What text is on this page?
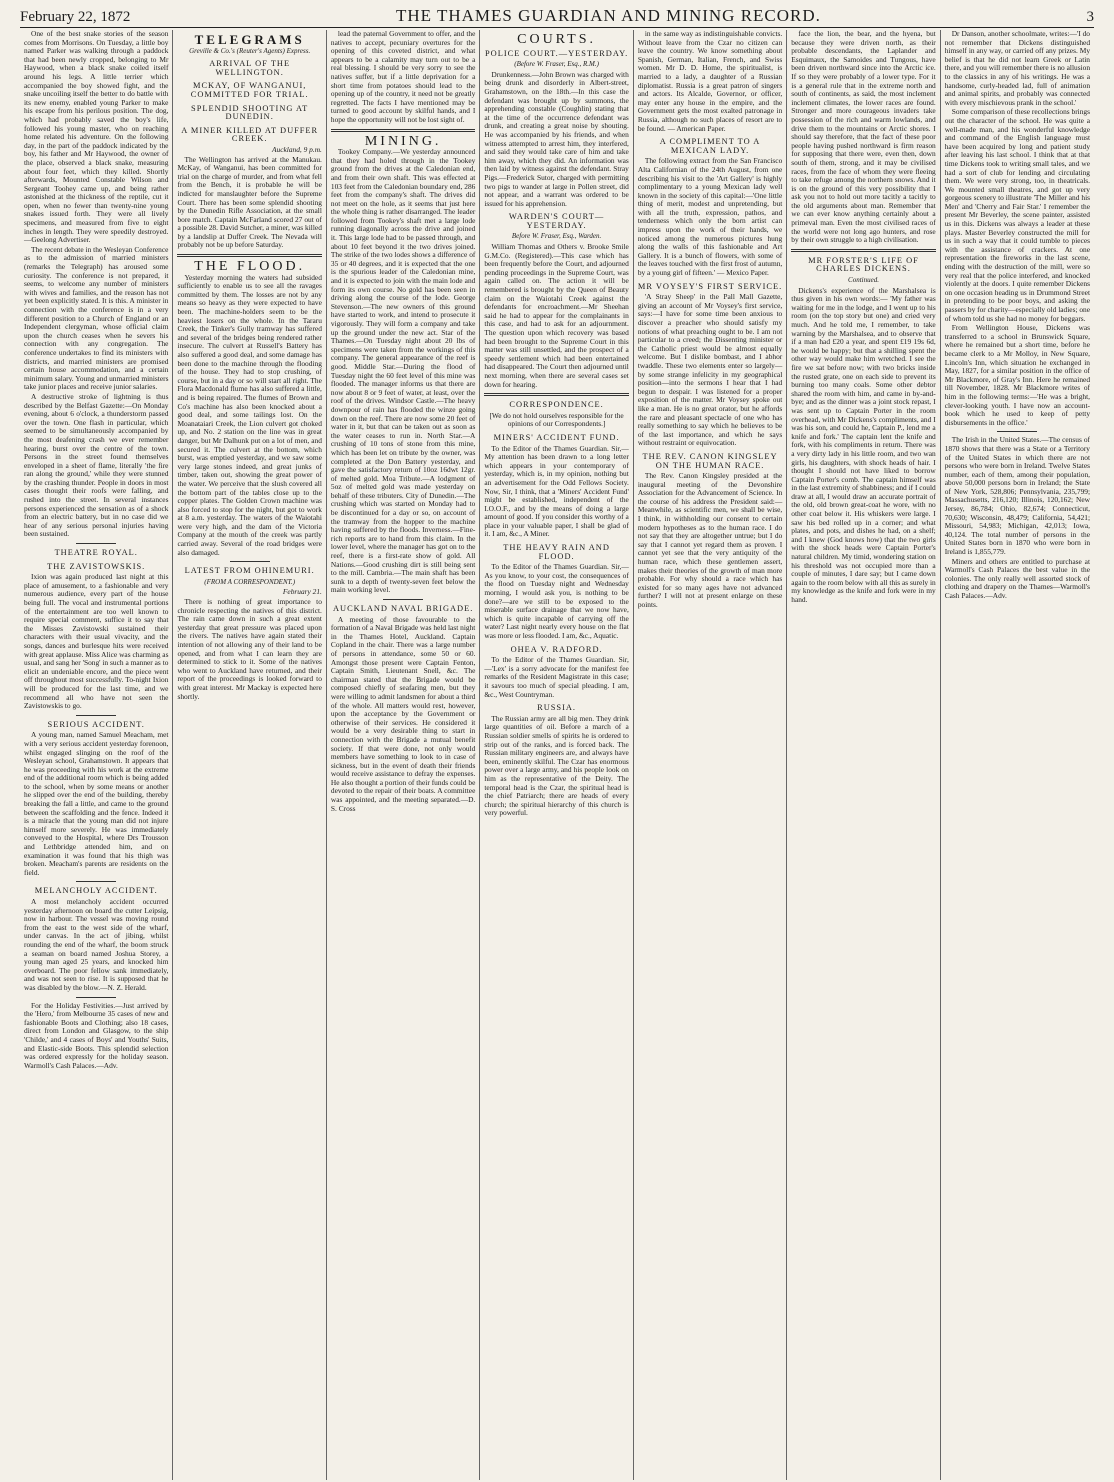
February 22, 1872	THE THAMES GUARDIAN AND MINING RECORD.	3

One of the best snake stories of the season comes from Morrisons. On Tuesday, a little boy named Parker was walking through a paddock that had been newly cropped, belonging to Mr Haywood, when a black snake coiled itself around his legs. A little terrier which accompanied the boy showed fight, and the snake uncoiling itself the better to do battle with its new enemy, enabled young Parker to make his escape from his perilous position. The dog, which had probably saved the boy's life, followed his young master, who on reaching home related his adventure. On the following day, in the part of the paddock indicated by the boy, his father and Mr Haywood, the owner of the place, observed a black snake, measuring about four feet, which they killed. Shortly afterwards, Mounted Constable Wilson and Sergeant Toohey came up, and being rather astonished at the thickness of the reptile, cut it open, when no fewer than twenty-nine young snakes issued forth. They were all lively specimens, and measured from five to eight inches in length. They were speedily destroyed.—Geelong Advertiser.

The recent debate in the Wesleyan Conference as to the admission of married ministers (remarks the Telegraph) has aroused some curiosity. The conference is not prepared, it seems, to welcome any number of ministers with wives and families, and the reason has not yet been explicitly stated. It is this. A minister in connection with the conference is in a very different position to a Church of England or an Independent clergyman, whose official claim upon the church ceases when he severs his connection with any congregation. The conference undertakes to find its ministers with districts, and married ministers are promised certain house accommodation, and a certain minimum salary. Young and unmarried ministers take junior places and receive junior salaries.

A destructive stroke of lightning is thus described by the Belfast Gazette:—On Monday evening, about 6 o'clock, a thunderstorm passed over the town. One flash in particular, which seemed to be simultaneously accompanied by the most deafening crash we ever remember hearing, burst over the centre of the town. Persons in the street found themselves enveloped in a sheet of flame, literally 'the fire ran along the ground,' while they were stunned by the crashing thunder. People in doors in most cases thought their roofs were falling, and rushed into the street. In several instances persons experienced the sensation as of a shock from an electric battery, but in no case did we hear of any serious personal injuries having been sustained.

THEATRE ROYAL.
THE ZAVISTOWSKIS.

Ixion was again produced last night at this place of amusement, to a fashionable and very numerous audience, every part of the house being full. The vocal and instrumental portions of the entertainment are too well known to require special comment, suffice it to say that the Misses Zavistowski sustained their characters with their usual vivacity, and the songs, dances and burlesque hits were received with great applause. Miss Alice was charming as usual, and sang her 'Song' in such a manner as to elicit an undeniable encore, and the piece went off throughout most successfully. To-night Ixion will be produced for the last time, and we recommend all who have not seen the Zavistowskis to go.

SERIOUS ACCIDENT.

A young man, named Samuel Meacham, met with a very serious accident yesterday forenoon, whilst engaged slinging on the roof of the Wesleyan school, Grahamstown. It appears that he was proceeding with his work at the extreme end of the additional room which is being added to the school, when by some means or another he slipped over the end of the building, thereby breaking the fall a little, and came to the ground between the scaffolding and the fence. Indeed it is a miracle that the young man did not injure himself more severely. He was immediately conveyed to the Hospital, where Drs Trousson and Lethbridge attended him, and on examination it was found that his thigh was broken. Meacham's parents are residents on the field.

MELANCHOLY ACCIDENT.

A most melancholy accident occurred yesterday afternoon on board the cutter Leipsig, now in harbour. The vessel was moving round from the east to the west side of the wharf, under canvas. In the act of jibing, whilst rounding the end of the wharf, the boom struck a seaman on board named Joshua Storey, a young man aged 25 years, and knocked him overboard. The poor fellow sank immediately, and was not seen to rise. It is supposed that he was disabled by the blow.—N. Z. Herald.

For the Holiday Festivities.—Just arrived by the 'Hero,' from Melbourne 35 cases of new and fashionable Boots and Clothing; also 18 cases, direct from London and Glasgow, to the ship 'Childe,' and 4 cases of Boys' and Youths' Suits, and Elastic-side Boots. This splendid selection was ordered expressly for the holiday season. Warmoll's Cash Palaces.—Adv.

TELEGRAMS
Greville & Co.'s (Reuter's Agents) Express.
ARRIVAL OF THE WELLINGTON.
MCKAY, OF WANGANUI, COMMITTED FOR TRIAL.
SPLENDID SHOOTING AT DUNEDIN.
A MINER KILLED AT DUFFER CREEK.

Auckland, 9 p.m.

The Wellington has arrived at the Manukau. McKay, of Wanganui, has been committed for trial on the charge of murder, and from what fell from the Bench, it is probable he will be indicted for manslaughter before the Supreme Court. There has been some splendid shooting by the Dunedin Rifle Association, at the small bore match. Captain McFarland scored 27 out of a possible 28. David Sutcher, a miner, was killed by a landslip at Duffer Creek. The Nevada will probably not be up before Saturday.

THE FLOOD.

Yesterday morning the waters had subsided sufficiently to enable us to see all the ravages committed by them. The losses are not by any means so heavy as they were expected to have been. The machine-holders seem to be the heaviest losers on the whole. In the Tararu Creek, the Tinker's Gully tramway has suffered and several of the bridges being rendered rather insecure. The culvert at Russell's Battery has also suffered a good deal, and some damage has been done to the machine through the flooding of the house. They had to stop crushing, of course, but in a day or so will start all right. The Flora Macdonald flume has also suffered a little, and is being repaired. The flumes of Brown and Co's machine has also been knocked about a good deal, and some tailings lost. On the Moanataiari Creek, the Lion culvert got choked up, and No. 2 station on the line was in great danger, but Mr Dalhunk put on a lot of men, and secured it. The culvert at the bottom, which burst, was emptied yesterday, and we saw some very large stones indeed, and great junks of timber, taken out, showing the great power of the water. We perceive that the slush covered all the bottom part of the tables close up to the copper plates. The Golden Crown machine was also forced to stop for the night, but got to work at 8 a.m. yesterday. The waters of the Waiotahi were very high, and the dam of the Victoria Company at the mouth of the creek was partly carried away. Several of the road bridges were also damaged.

LATEST FROM OHINEMURI.
(FROM A CORRESPONDENT.)

February 21.

There is nothing of great importance to chronicle respecting the natives of this district. The rain came down in such a great extent yesterday that great pressure was placed upon the rivers. The natives have again stated their intention of not allowing any of their land to be opened, and from what I can learn they are determined to stick to it. Some of the natives who went to Auckland have returned, and their report of the proceedings is looked forward to with great interest. Mr Mackay is expected here shortly.

lead the paternal Government to offer, and the natives to accept, pecuniary overtures for the opening of this coveted district, and what appears to be a calamity may turn out to be a real blessing. I should be very sorry to see the natives suffer, but if a little deprivation for a short time from potatoes should lead to the opening up of the country, it need not be greatly regretted. The facts I have mentioned may be turned to good account by skilful hands, and I hope the opportunity will not be lost sight of.

MINING.

Tookey Company.—We yesterday announced that they had holed through in the Tookey ground from the drives at the Caledonian end, and from their own shaft. This was effected at 103 feet from the Caledonian boundary end, 286 feet from the company's shaft. The drives did not meet on the hole, as it seems that just here the whole thing is rather disarranged. The leader followed from Tookey's shaft met a large lode running diagonally across the drive and joined it. This large lode had to be passed through, and about 10 feet beyond it the two drives joined. The strike of the two lodes shows a difference of 35 or 40 degrees, and it is expected that the one is the spurious leader of the Caledonian mine, and it is expected to join with the main lode and form its own course. No gold has been seen in driving along the course of the lode. George Stevenson.—The new owners of this ground have started to work, and intend to prosecute it vigorously. They will form a company and take up the ground under the new act. Star of the Thames.—On Tuesday night about 20 lbs of specimens were taken from the workings of this company. The general appearance of the reef is good. Middle Star.—During the flood of Tuesday night the 60 feet level of this mine was flooded. The manager informs us that there are now about 8 or 9 feet of water, at least, over the roof of the drives. Windsor Castle.—The heavy downpour of rain has flooded the winze going down on the reef. There are now some 20 feet of water in it, but that can be taken out as soon as the water ceases to run in. North Star.—A crushing of 10 tons of stone from this mine, which has been let on tribute by the owner, was completed at the Don Battery yesterday, and gave the satisfactory return of 10oz 16dwt 12gr. of melted gold. Moa Tribute.—A lodgment of 5oz of melted gold was made yesterday on behalf of these tributers. City of Dunedin.—The crushing which was started on Monday had to be discontinued for a day or so, on account of the tramway from the hopper to the machine having suffered by the floods. Inverness.—Fine-rich reports are to hand from this claim. In the lower level, where the manager has got on to the reef, there is a first-rate show of gold. All Nations.—Good crushing dirt is still being sent to the mill. Cambria.—The main shaft has been sunk to a depth of twenty-seven feet below the main working level.

AUCKLAND NAVAL BRIGADE.

A meeting of those favourable to the formation of a Naval Brigade was held last night in the Thames Hotel, Auckland. Captain Copland in the chair. There was a large number of persons in attendance, some 50 or 60. Amongst those present were Captain Fenton, Captain Smith, Lieutenant Snell, &c. The chairman stated that the Brigade would be composed chiefly of seafaring men, but they were willing to admit landsmen for about a third of the whole. All matters would rest, however, upon the acceptance by the Government or otherwise of their services. He considered it would be a very desirable thing to start in connection with the Brigade a mutual benefit society. If that were done, not only would members have something to look to in case of sickness, but in the event of death their friends would receive assistance to defray the expenses. He also thought a portion of their funds could be devoted to the repair of their boats. A committee was appointed, and the meeting separated.—D. S. Cross

COURTS.
POLICE COURT.—YESTERDAY.
(Before W. Fraser, Esq., R.M.)

Drunkenness.—John Brown was charged with being drunk and disorderly in Albert-street, Grahamstown, on the 18th.—In this case the defendant was brought up by summons, the apprehending constable (Coughlin) stating that at the time of the occurrence defendant was drunk, and creating a great noise by shouting. He was accompanied by his friends, and when witness attempted to arrest him, they interfered, and said they would take care of him and take him away, which they did. An information was then laid by witness against the defendant. Stray Pigs.—Frederick Sutor, charged with permitting two pigs to wander at large in Pollen street, did not appear, and a warrant was ordered to be issued for his apprehension.

WARDEN'S COURT—YESTERDAY.
Before W. Fraser, Esq., Warden.

William Thomas and Others v. Brooke Smile G.M.Co. (Registered).—This case which has been frequently before the Court, and adjourned pending proceedings in the Supreme Court, was again called on. The action it will be remembered is brought by the Queen of Beauty claim on the Waiotahi Creek against the defendants for encroachment.—Mr Sheehan said he had to appear for the complainants in this case, and had to ask for an adjournment. The question upon which recovery was based had been brought to the Supreme Court in this matter was still unsettled, and the prospect of a speedy settlement which had been entertained had disappeared. The Court then adjourned until next morning, when there are several cases set down for hearing.

CORRESPONDENCE.

[We do not hold ourselves responsible for the opinions of our Correspondents.]

MINERS' ACCIDENT FUND.

To the Editor of the Thames Guardian. Sir,—My attention has been drawn to a long letter which appears in your contemporary of yesterday, which is, in my opinion, nothing but an advertisement for the Odd Fellows Society. Now, Sir, I think, that a 'Miners' Accident Fund' might be established, independent of the I.O.O.F., and by the means of doing a large amount of good. If you consider this worthy of a place in your valuable paper, I shall be glad of it. I am, &c., A Miner.

THE HEAVY RAIN AND FLOOD.

To the Editor of the Thames Guardian. Sir,—As you know, to your cost, the consequences of the flood on Tuesday night and Wednesday morning, I would ask you, is nothing to be done?—are we still to be exposed to the miserable surface drainage that we now have, which is quite incapable of carrying off the water? Last night nearly every house on the flat was more or less flooded. I am, &c., Aquatic.

OHEA V. RADFORD.

To the Editor of the Thames Guardian. Sir,—'Lex' is a sorry advocate for the manifest fee remarks of the Resident Magistrate in this case; it savours too much of special pleading. I am, &c., West Countryman.

RUSSIA.

The Russian army are all big men. They drink large quantities of oil. Before a march of a Russian soldier smells of spirits he is ordered to strip out of the ranks, and is forced back. The Russian military engineers are, and always have been, eminently skilful. The Czar has enormous power over a large army, and his people look on him as the representative of the Deity. The temporal head is the Czar, the spiritual head is the chief Patriarch; there are heads of every church; the spiritual hierarchy of this church is very powerful.

in the same way as indistinguishable convicts. Without leave from the Czar no citizen can leave the country. We know something about Spanish, German, Italian, French, and Swiss women. Mr D. D. Home, the spiritualist, is married to a lady, a daughter of a Russian diplomatist. Russia is a great patron of singers and actors. Its Alcalde, Governor, or officer, may enter any house in the empire, and the Government gets the most exalted patronage in Russia, although no such places of resort are to be found. — American Paper.

A COMPLIMENT TO A MEXICAN LADY.

The following extract from the San Francisco Alta Californian of the 24th August, from one describing his visit to the 'Art Gallery' is highly complimentary to a young Mexican lady well known in the society of this capital:—'One little thing of merit, modest and unpretending, but with all the truth, expression, pathos, and tenderness which only the born artist can impress upon the work of their hands, we noticed among the numerous pictures hung along the walls of this fashionable and Art Gallery. It is a bunch of flowers, with some of the leaves touched with the first frost of autumn, by a young girl of fifteen.' — Mexico Paper.

MR VOYSEY'S FIRST SERVICE.

'A Stray Sheep' in the Pall Mall Gazette, giving an account of Mr Voysey's first service, says:—I have for some time been anxious to discover a preacher who should satisfy my notions of what preaching ought to be. I am not particular to a creed; the Dissenting minister or the Catholic priest would be almost equally welcome. But I dislike bombast, and I abhor twaddle. These two elements enter so largely—by some strange infelicity in my geographical position—into the sermons I hear that I had begun to despair. I was listened for a proper exposition of the matter. Mr Voysey spoke out like a man. He is no great orator, but he affords the rare and pleasant spectacle of one who has really something to say which he believes to be of the last importance, and which he says without restraint or equivocation.

THE REV. CANON KINGSLEY ON THE HUMAN RACE.

The Rev. Canon Kingsley presided at the inaugural meeting of the Devonshire Association for the Advancement of Science. In the course of his address the President said:—Meanwhile, as scientific men, we shall be wise, I think, in withholding our consent to certain modern hypotheses as to the human race. I do not say that they are altogether untrue; but I do say that I cannot yet regard them as proven. I cannot yet see that the very antiquity of the human race, which these gentlemen assert, makes their theories of the growth of man more probable. For why should a race which has existed for so many ages have not advanced further? I will not at present enlarge on these points.

face the lion, the bear, and the hyena, but because they were driven north, as their probable descendants, the Laplander and Esquimaux, the Samoides and Tungous, have been driven northward since into the Arctic ice. If so they were probably of a lower type. For it is a general rule that in the extreme north and south of continents, as said, the most inclement inclement climates, the lower races are found. Stronger and more courageous invaders take possession of the rich and warm lowlands, and drive them to the mountains or Arctic shores. I should say therefore, that the fact of these poor people having pushed northward is firm reason for supposing that there were, even then, down south of them, strong, and it may be civilised races, from the face of whom they were fleeing to take refuge among the northern snows. And it is on the ground of this very possibility that I ask you not to hold out more tacitly a tacitly to the old arguments about man. Remember that we can ever know anything certainly about a primeval man. Even the most civilised races of the world were not long ago hunters, and rose by their own struggle to a high civilisation.

MR FORSTER'S LIFE OF CHARLES DICKENS.
Continued.

Dickens's experience of the Marshalsea is thus given in his own words:— 'My father was waiting for me in the lodge, and I went up to his room (on the top story but one) and cried very much. And he told me, I remember, to take warning by the Marshalsea, and to observe that if a man had £20 a year, and spent £19 19s 6d, he would be happy; but that a shilling spent the other way would make him wretched. I see the fire we sat before now; with two bricks inside the rusted grate, one on each side to prevent its burning too many coals. Some other debtor shared the room with him, and came in by-and-bye; and as the dinner was a joint stock repast, I was sent up to Captain Porter in the room overhead, with Mr Dickens's compliments, and I was his son, and could he, Captain P., lend me a knife and fork.' The captain lent the knife and fork, with his compliments in return. There was a very dirty lady in his little room, and two wan girls, his daughters, with shock heads of hair. I thought I should not have liked to borrow Captain Porter's comb. The captain himself was in the last extremity of shabbiness; and if I could draw at all, I would draw an accurate portrait of the old, old brown great-coat he wore, with no other coat below it. His whiskers were large. I saw his bed rolled up in a corner; and what plates, and pots, and dishes he had, on a shelf; and I knew (God knows how) that the two girls with the shock heads were Captain Porter's natural children. My timid, wondering station on his threshold was not occupied more than a couple of minutes, I dare say; but I came down again to the room below with all this as surely in my knowledge as the knife and fork were in my hand.

Dr Danson, another schoolmate, writes:—'I do not remember that Dickens distinguished himself in any way, or carried off any prizes. My belief is that he did not learn Greek or Latin there, and you will remember there is no allusion to the classics in any of his writings. He was a handsome, curly-headed lad, full of animation and animal spirits, and probably was connected with every mischievous prank in the school.'

Some comparison of these recollections brings out the character of the school. He was quite a well-made man, and his wonderful knowledge and command of the English language must have been acquired by long and patient study after leaving his last school. I think that at that time Dickens took to writing small tales, and we had a sort of club for lending and circulating them. We were very strong, too, in theatricals. We mounted small theatres, and got up very gorgeous scenery to illustrate 'The Miller and his Men' and 'Cherry and Fair Star.' I remember the present Mr Beverley, the scene painter, assisted us in this. Dickens was always a leader at these plays. Master Beverley constructed the mill for us in such a way that it could tumble to pieces with the assistance of crackers. At one representation the fireworks in the last scene, ending with the destruction of the mill, were so very real that the police interfered, and knocked violently at the doors. I quite remember Dickens on one occasion heading us in Drummond Street in pretending to be poor boys, and asking the passers by for charity—especially old ladies; one of whom told us she had no money for beggars.

From Wellington House, Dickens was transferred to a school in Brunswick Square, where he remained but a short time, before he became clerk to a Mr Molloy, in New Square, Lincoln's Inn, which situation he exchanged in May, 1827, for a similar position in the office of Mr Blackmore, of Gray's Inn. Here he remained till November, 1828. Mr Blackmore writes of him in the following terms:—'He was a bright, clever-looking youth. I have now an account-book which he used to keep of petty disbursements in the office.'

The Irish in the United States.—The census of 1870 shows that there was a State or a Territory of the United States in which there are not persons who were born in Ireland. Twelve States number, each of them, among their population, above 50,000 persons born in Ireland; the State of New York, 528,806; Pennsylvania, 235,799; Massachusetts, 216,120; Illinois, 120,162; New Jersey, 86,784; Ohio, 82,674; Connecticut, 70,630; Wisconsin, 48,479; California, 54,421; Missouri, 54,983; Michigan, 42,013; Iowa, 40,124. The total number of persons in the United States born in 1870 who were born in Ireland is 1,855,779.

Miners and others are entitled to purchase at Warmoll's Cash Palaces the best value in the colonies. The only really well assorted stock of clothing and drapery on the Thames—Warmoll's Cash Palaces.—Adv.
